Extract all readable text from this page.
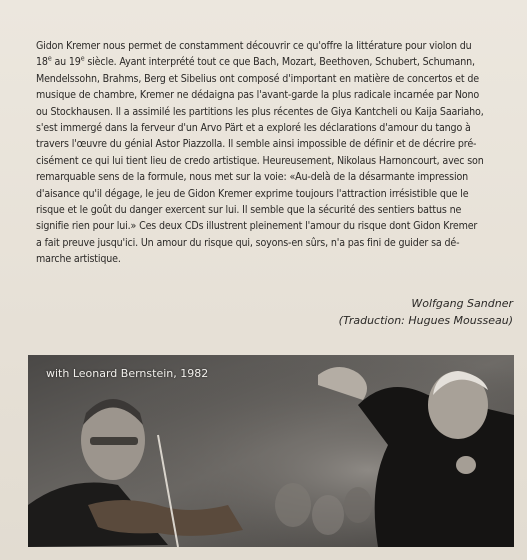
Gidon Kremer nous permet de constamment découvrir ce qu'offre la littérature pour violon du
18e au 19e siècle. Ayant interprété tout ce que Bach, Mozart, Beethoven, Schubert, Schumann,
Mendelssohn, Brahms, Berg et Sibelius ont composé d'important en matière de concertos et de
musique de chambre, Kremer ne dédaigna pas l'avant-garde la plus radicale incarnée par Nono
ou Stockhausen. Il a assimilé les partitions les plus récentes de Giya Kantcheli ou Kaija Saariaho,
s'est immergé dans la ferveur d'un Arvo Pärt et a exploré les déclarations d'amour du tango à
travers l'œuvre du génial Astor Piazzolla. Il semble ainsi impossible de définir et de décrire pré-
cisément ce qui lui tient lieu de credo artistique. Heureusement, Nikolaus Harnoncourt, avec son
remarquable sens de la formule, nous met sur la voie: «Au-delà de la désarmante impression
d'aisance qu'il dégage, le jeu de Gidon Kremer exprime toujours l'attraction irrésistible que le
risque et le goût du danger exercent sur lui. Il semble que la sécurité des sentiers battus ne
signifie rien pour lui.» Ces deux CDs illustrent pleinement l'amour du risque dont Gidon Kremer
a fait preuve jusqu'ici. Un amour du risque qui, soyons-en sûrs, n'a pas fini de guider sa dé-
marche artistique.
Wolfgang Sandner
(Traduction: Hugues Mousseau)
with Leonard Bernstein, 1982
